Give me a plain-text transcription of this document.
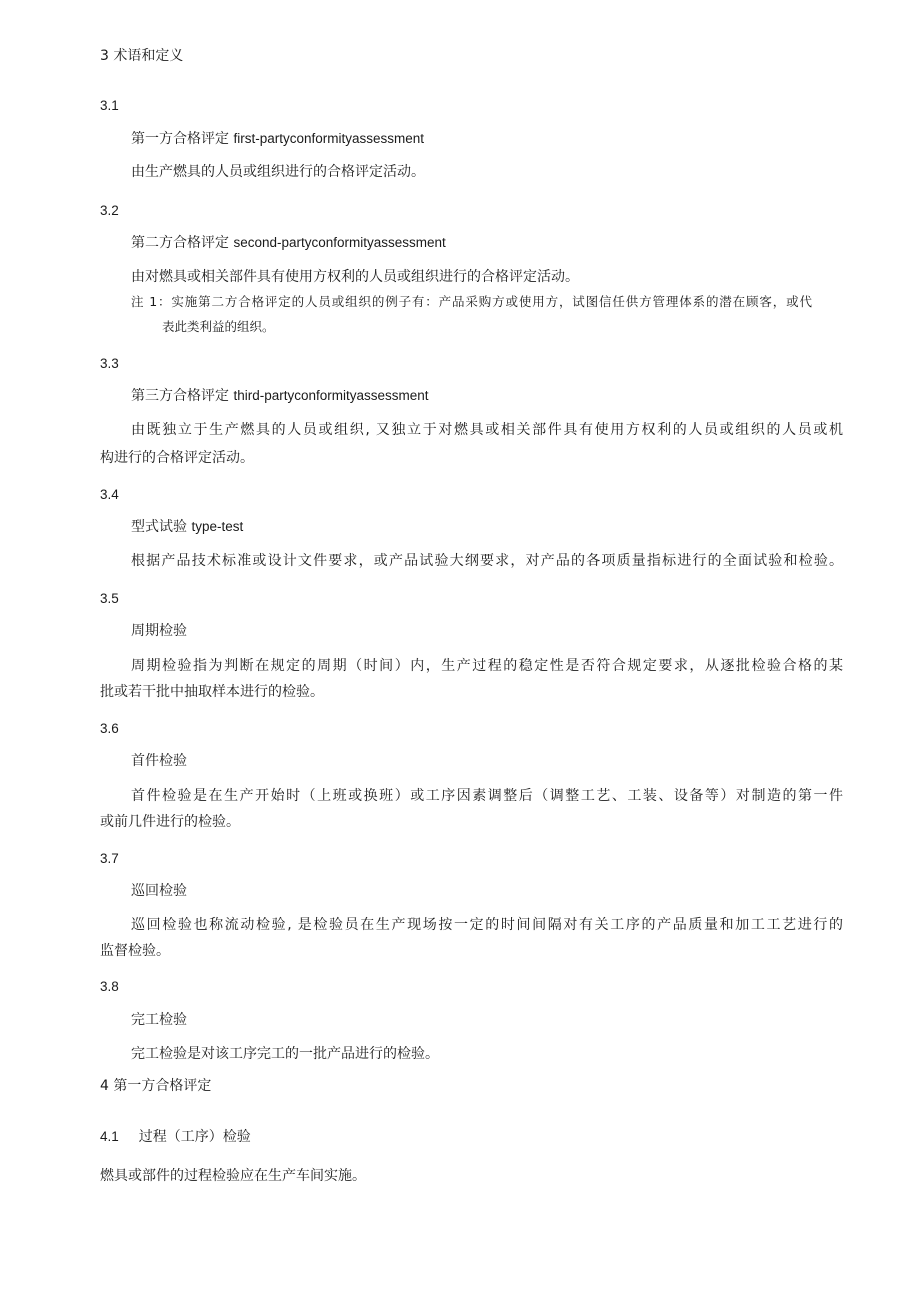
3 术语和定义
3.1
第一方合格评定 first-partyconformityassessment
由生产燃具的人员或组织进行的合格评定活动。
3.2
第二方合格评定 second-partyconformityassessment
由对燃具或相关部件具有使用方权利的人员或组织进行的合格评定活动。
注 1：实施第二方合格评定的人员或组织的例子有：产品采购方或使用方，试图信任供方管理体系的潜在顾客，或代
表此类利益的组织。
3.3
第三方合格评定 third-partyconformityassessment
由既独立于生产燃具的人员或组织, 又独立于对燃具或相关部件具有使用方权利的人员或组织的人员或机
构进行的合格评定活动。
3.4
型式试验 type-test
根据产品技术标准或设计文件要求，或产品试验大纲要求，对产品的各项质量指标进行的全面试验和检验。
3.5
周期检验
周期检验指为判断在规定的周期（时间）内，生产过程的稳定性是否符合规定要求，从逐批检验合格的某
批或若干批中抽取样本进行的检验。
3.6
首件检验
首件检验是在生产开始时（上班或换班）或工序因素调整后（调整工艺、工装、设备等）对制造的第一件
或前几件进行的检验。
3.7
巡回检验
巡回检验也称流动检验, 是检验员在生产现场按一定的时间间隔对有关工序的产品质量和加工工艺进行的
监督检验。
3.8
完工检验
完工检验是对该工序完工的一批产品进行的检验。
4 第一方合格评定
4.1 过程（工序）检验
燃具或部件的过程检验应在生产车间实施。
